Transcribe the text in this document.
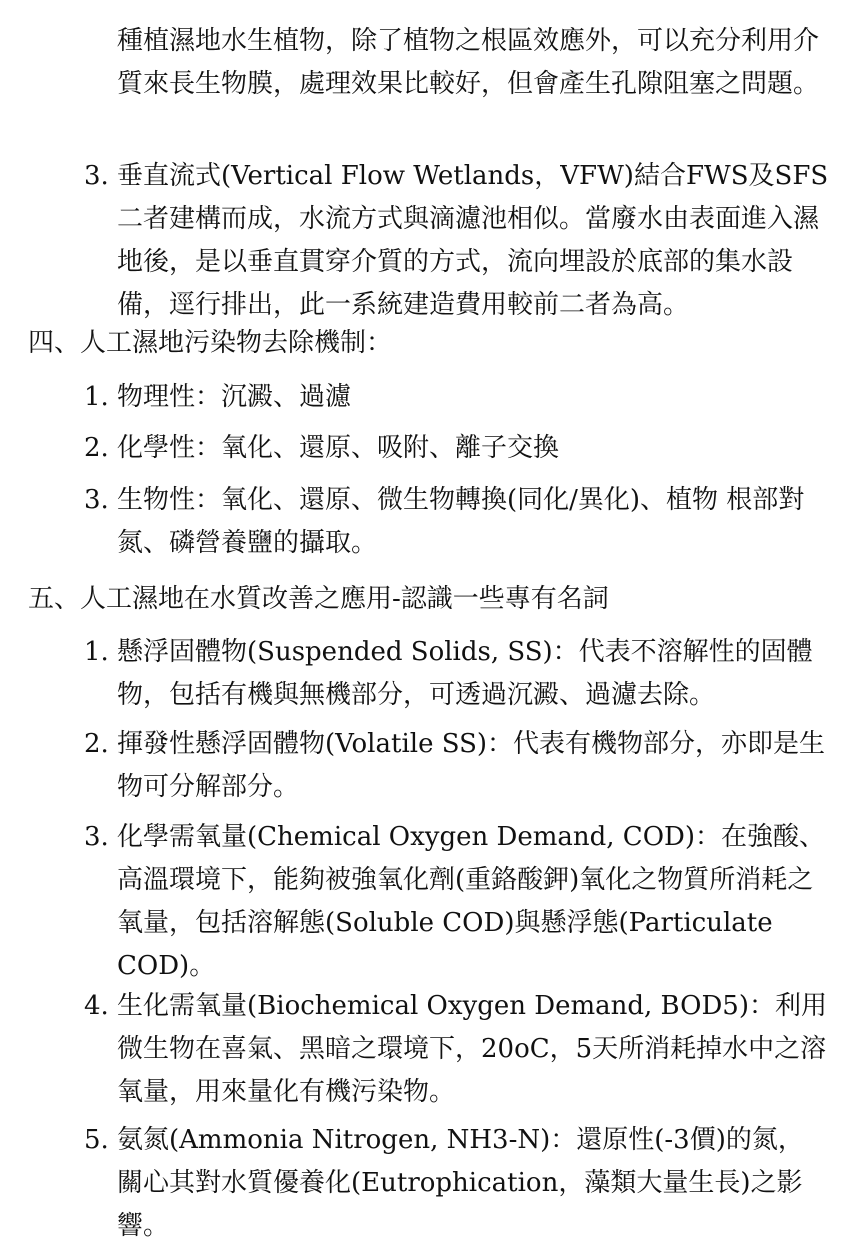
種植濕地水生植物，除了植物之根區效應外，可以充分利用介質來長生物膜，處理效果比較好，但會產生孔隙阻塞之問題。

3. 垂直流式(Vertical Flow Wetlands，VFW)結合FWS及SFS二者建構而成，水流方式與滴濾池相似。當廢水由表面進入濕地後，是以垂直貫穿介質的方式，流向埋設於底部的集水設備，逕行排出，此一系統建造費用較前二者為高。

四、人工濕地污染物去除機制：

1. 物理性：沉澱、過濾

2. 化學性：氧化、還原、吸附、離子交換

3. 生物性：氧化、還原、微生物轉換(同化/異化)、植物 根部對氮、磷營養鹽的攝取。

五、人工濕地在水質改善之應用-認識一些專有名詞

1. 懸浮固體物(Suspended Solids, SS)：代表不溶解性的固體物，包括有機與無機部分，可透過沉澱、過濾去除。

2. 揮發性懸浮固體物(Volatile SS)：代表有機物部分，亦即是生物可分解部分。

3. 化學需氧量(Chemical Oxygen Demand, COD)：在強酸、高溫環境下，能夠被強氧化劑(重鉻酸鉀)氧化之物質所消耗之氧量，包括溶解態(Soluble COD)與懸浮態(Particulate COD)。

4. 生化需氧量(Biochemical Oxygen Demand, BOD5)：利用微生物在喜氣、黑暗之環境下，20oC，5天所消耗掉水中之溶氧量，用來量化有機污染物。

5. 氨氮(Ammonia Nitrogen, NH3-N)：還原性(-3價)的氮，關心其對水質優養化(Eutrophication，藻類大量生長)之影響。
